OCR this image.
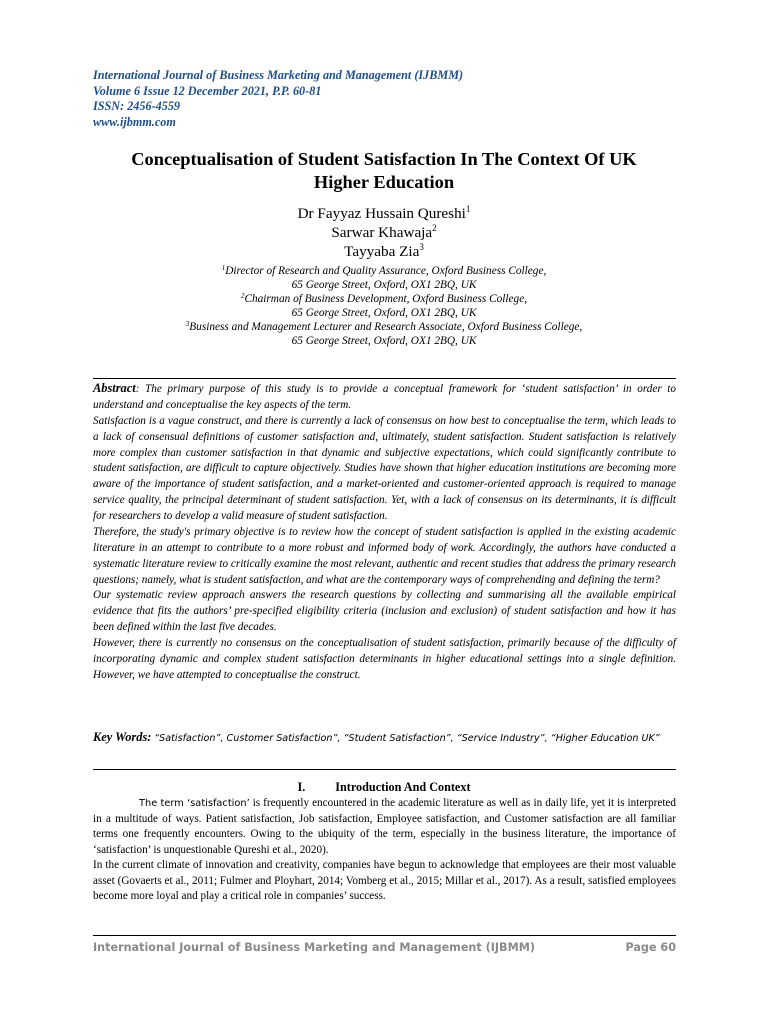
International Journal of Business Marketing and Management (IJBMM)
Volume 6 Issue 12 December 2021, P.P. 60-81
ISSN: 2456-4559
www.ijbmm.com
Conceptualisation of Student Satisfaction In The Context Of UK
Higher Education
Dr Fayyaz Hussain Qureshi$^1$
Sarwar Khawaja$^2$
Tayyaba Zia$^3$
$^1$Director of Research and Quality Assurance, Oxford Business College,
65 George Street, Oxford, OX1 2BQ, UK
$^2$Chairman of Business Development, Oxford Business College,
65 George Street, Oxford, OX1 2BQ, UK
$^3$Business and Management Lecturer and Research Associate, Oxford Business College,
65 George Street, Oxford, OX1 2BQ, UK

Abstract: The primary purpose of this study is to provide a conceptual framework for ‘student satisfaction’ in order to understand and conceptualise the key aspects of the term.

Satisfaction is a vague construct, and there is currently a lack of consensus on how best to conceptualise the term, which leads to a lack of consensual definitions of customer satisfaction and, ultimately, student satisfaction. Student satisfaction is relatively more complex than customer satisfaction in that dynamic and subjective expectations, which could significantly contribute to student satisfaction, are difficult to capture objectively. Studies have shown that higher education institutions are becoming more aware of the importance of student satisfaction, and a market-oriented and customer-oriented approach is required to manage service quality, the principal determinant of student satisfaction. Yet, with a lack of consensus on its determinants, it is difficult for researchers to develop a valid measure of student satisfaction.

Therefore, the study's primary objective is to review how the concept of student satisfaction is applied in the existing academic literature in an attempt to contribute to a more robust and informed body of work. Accordingly, the authors have conducted a systematic literature review to critically examine the most relevant, authentic and recent studies that address the primary research questions; namely, what is student satisfaction, and what are the contemporary ways of comprehending and defining the term?

Our systematic review approach answers the research questions by collecting and summarising all the available empirical evidence that fits the authors’ pre-specified eligibility criteria (inclusion and exclusion) of student satisfaction and how it has been defined within the last five decades.

However, there is currently no consensus on the conceptualisation of student satisfaction, primarily because of the difficulty of incorporating dynamic and complex student satisfaction determinants in higher educational settings into a single definition. However, we have attempted to conceptualise the construct.

Key Words: “Satisfaction”, Customer Satisfaction”, “Student Satisfaction”, “Service Industry”, “Higher Education UK”
I. Introduction And Context

The term ‘satisfaction’ is frequently encountered in the academic literature as well as in daily life, yet it is interpreted in a multitude of ways. Patient satisfaction, Job satisfaction, Employee satisfaction, and Customer satisfaction are all familiar terms one frequently encounters. Owing to the ubiquity of the term, especially in the business literature, the importance of ‘satisfaction’ is unquestionable Qureshi et al., 2020).

In the current climate of innovation and creativity, companies have begun to acknowledge that employees are their most valuable asset (Govaerts et al., 2011; Fulmer and Ployhart, 2014; Vomberg et al., 2015; Millar et al., 2017). As a result, satisfied employees become more loyal and play a critical role in companies’ success.

International Journal of Business Marketing and Management (IJBMM)	Page 60
